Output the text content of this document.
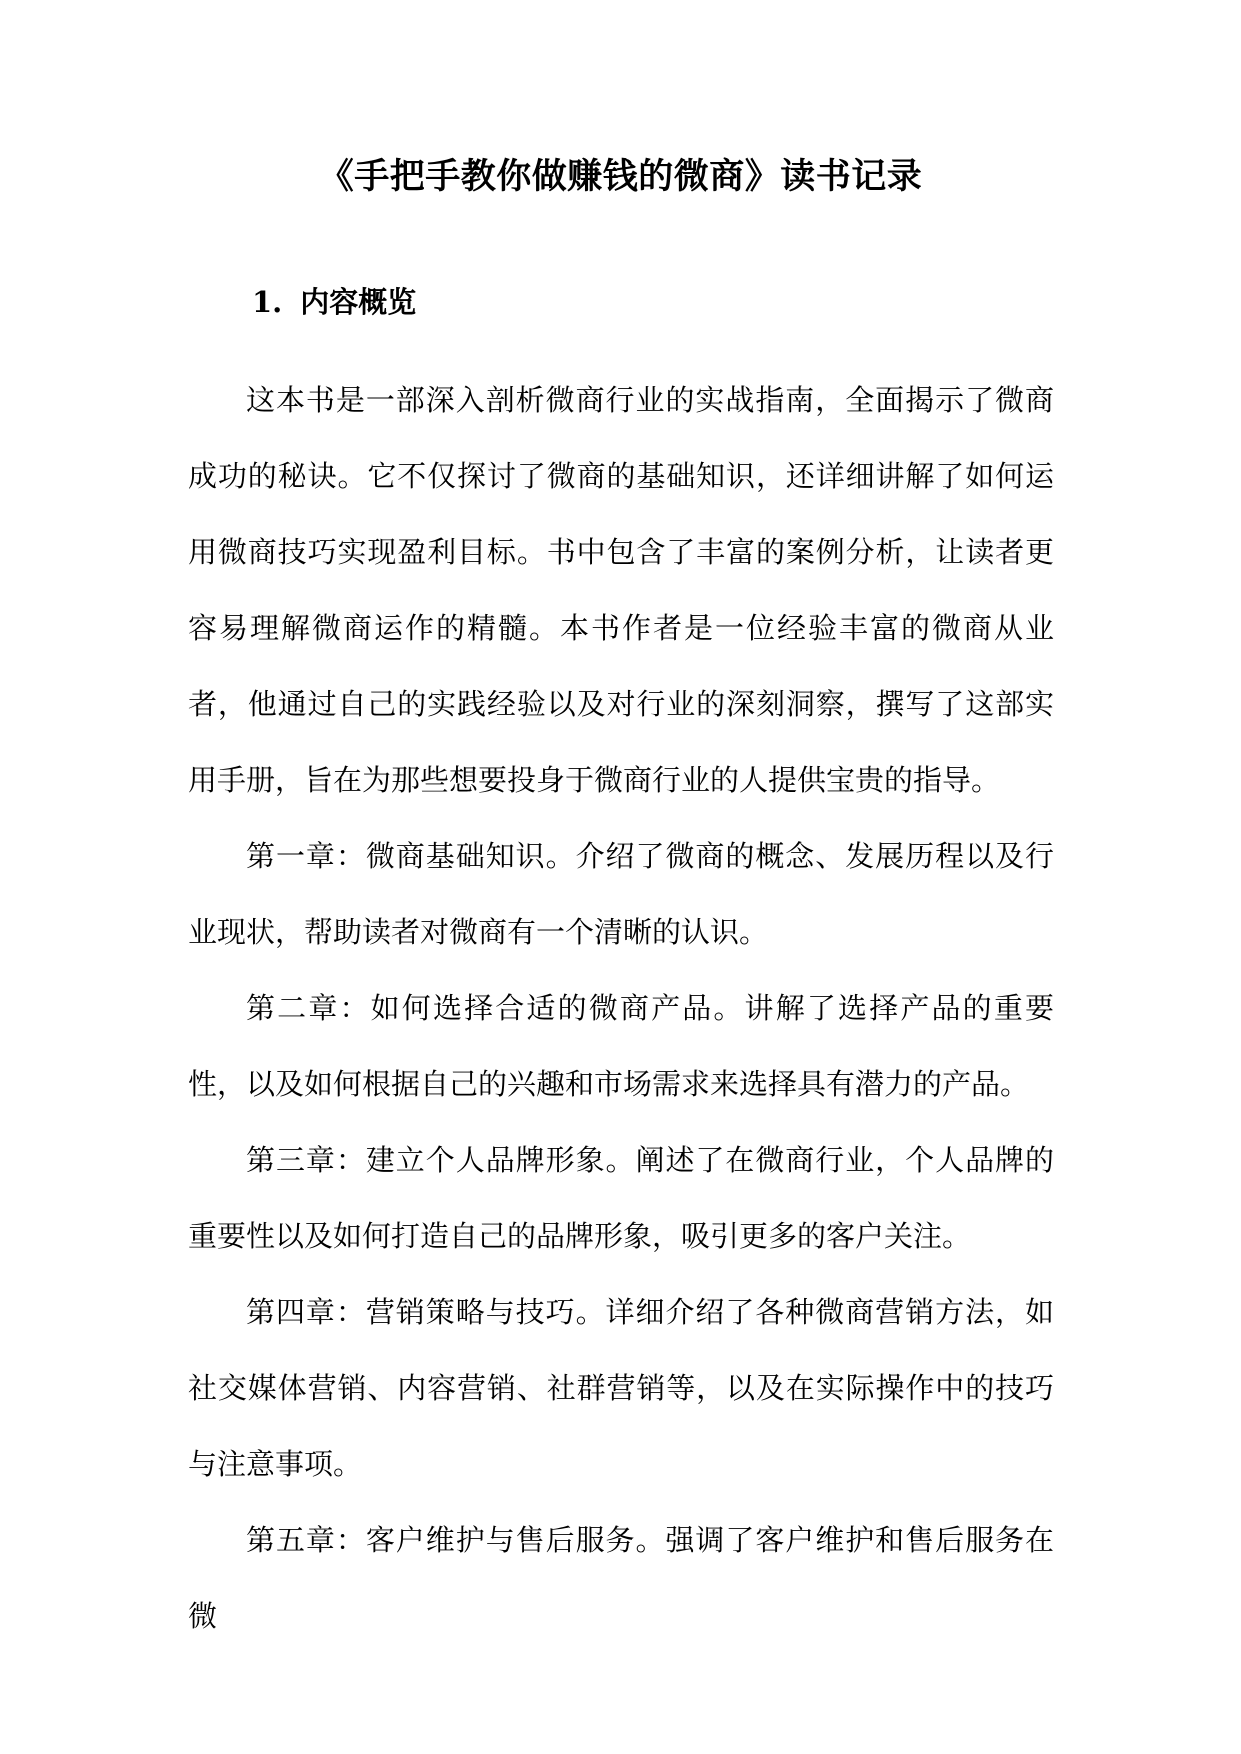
《手把手教你做赚钱的微商》读书记录
1. 内容概览

这本书是一部深入剖析微商行业的实战指南，全面揭示了微商成功的秘诀。它不仅探讨了微商的基础知识，还详细讲解了如何运用微商技巧实现盈利目标。书中包含了丰富的案例分析，让读者更容易理解微商运作的精髓。本书作者是一位经验丰富的微商从业者，他通过自己的实践经验以及对行业的深刻洞察，撰写了这部实用手册，旨在为那些想要投身于微商行业的人提供宝贵的指导。

第一章：微商基础知识。介绍了微商的概念、发展历程以及行业现状，帮助读者对微商有一个清晰的认识。

第二章：如何选择合适的微商产品。讲解了选择产品的重要性，以及如何根据自己的兴趣和市场需求来选择具有潜力的产品。

第三章：建立个人品牌形象。阐述了在微商行业，个人品牌的重要性以及如何打造自己的品牌形象，吸引更多的客户关注。

第四章：营销策略与技巧。详细介绍了各种微商营销方法，如社交媒体营销、内容营销、社群营销等，以及在实际操作中的技巧与注意事项。

第五章：客户维护与售后服务。强调了客户维护和售后服务在微
